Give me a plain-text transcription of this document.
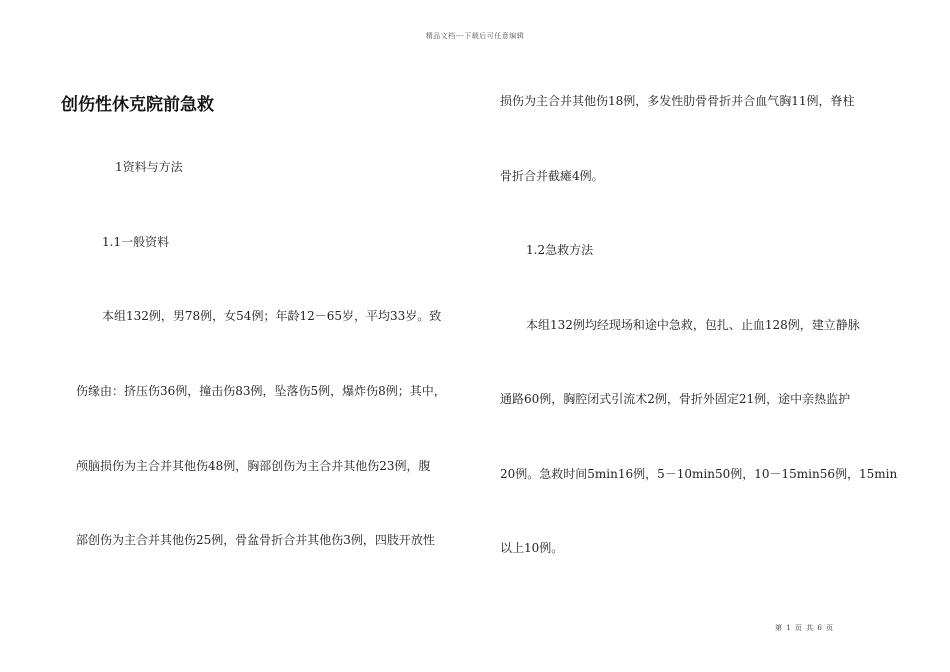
精品文档---下载后可任意编辑
创伤性休克院前急救
1资料与方法
1.1一般资料
本组132例，男78例，女54例；年龄12－65岁，平均33岁。致
伤缘由：挤压伤36例，撞击伤83例，坠落伤5例，爆炸伤8例；其中，
颅脑损伤为主合并其他伤48例，胸部创伤为主合并其他伤23例，腹
部创伤为主合并其他伤25例，骨盆骨折合并其他伤3例，四肢开放性
损伤为主合并其他伤18例，多发性肋骨骨折并合血气胸11例，脊柱
骨折合并截瘫4例。
1.2急救方法
本组132例均经现场和途中急救，包扎、止血128例，建立静脉
通路60例，胸腔闭式引流术2例，骨折外固定21例，途中亲热监护
20例。急救时间5min16例，5－10min50例，10－15min56例，15min
以上10例。
第 1 页 共 6 页
